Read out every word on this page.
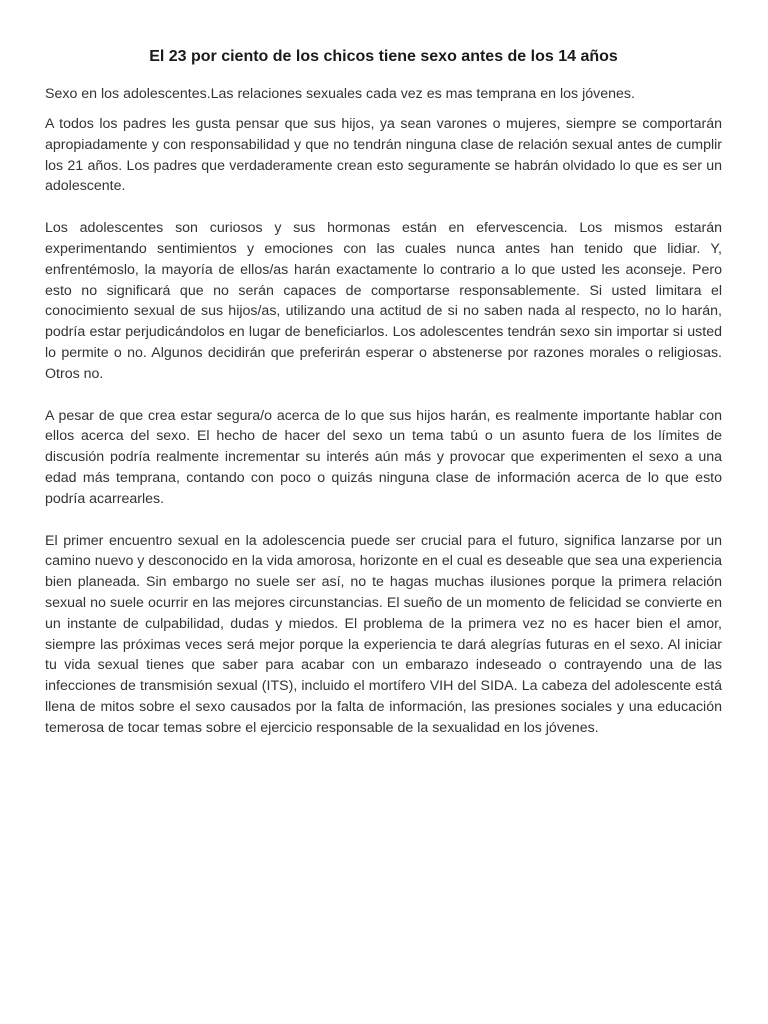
El 23 por ciento de los chicos tiene sexo antes de los 14 años

Sexo en los adolescentes.Las relaciones sexuales cada vez es mas temprana en los jóvenes.

A todos los padres les gusta pensar que sus hijos, ya sean varones o mujeres, siempre se comportarán apropiadamente y con responsabilidad y que no tendrán ninguna clase de relación sexual antes de cumplir los 21 años. Los padres que verdaderamente crean esto seguramente se habrán olvidado lo que es ser un adolescente.

Los adolescentes son curiosos y sus hormonas están en efervescencia. Los mismos estarán experimentando sentimientos y emociones con las cuales nunca antes han tenido que lidiar. Y, enfrentémoslo, la mayoría de ellos/as harán exactamente lo contrario a lo que usted les aconseje. Pero esto no significará que no serán capaces de comportarse responsablemente. Si usted limitara el conocimiento sexual de sus hijos/as, utilizando una actitud de si no saben nada al respecto, no lo harán, podría estar perjudicándolos en lugar de beneficiarlos. Los adolescentes tendrán sexo sin importar si usted lo permite o no. Algunos decidirán que preferirán esperar o abstenerse por razones morales o religiosas. Otros no.

A pesar de que crea estar segura/o acerca de lo que sus hijos harán, es realmente importante hablar con ellos acerca del sexo. El hecho de hacer del sexo un tema tabú o un asunto fuera de los límites de discusión podría realmente incrementar su interés aún más y provocar que experimenten el sexo a una edad más temprana, contando con poco o quizás ninguna clase de información acerca de lo que esto podría acarrearles.

El primer encuentro sexual en la adolescencia puede ser crucial para el futuro, significa lanzarse por un camino nuevo y desconocido en la vida amorosa, horizonte en el cual es deseable que sea una experiencia bien planeada. Sin embargo no suele ser así, no te hagas muchas ilusiones porque la primera relación sexual no suele ocurrir en las mejores circunstancias. El sueño de un momento de felicidad se convierte en un instante de culpabilidad, dudas y miedos. El problema de la primera vez no es hacer bien el amor, siempre las próximas veces será mejor porque la experiencia te dará alegrías futuras en el sexo. Al iniciar tu vida sexual tienes que saber para acabar con un embarazo indeseado o contrayendo una de las infecciones de transmisión sexual (ITS), incluido el mortífero VIH del SIDA. La cabeza del adolescente está llena de mitos sobre el sexo causados por la falta de información, las presiones sociales y una educación temerosa de tocar temas sobre el ejercicio responsable de la sexualidad en los jóvenes.
